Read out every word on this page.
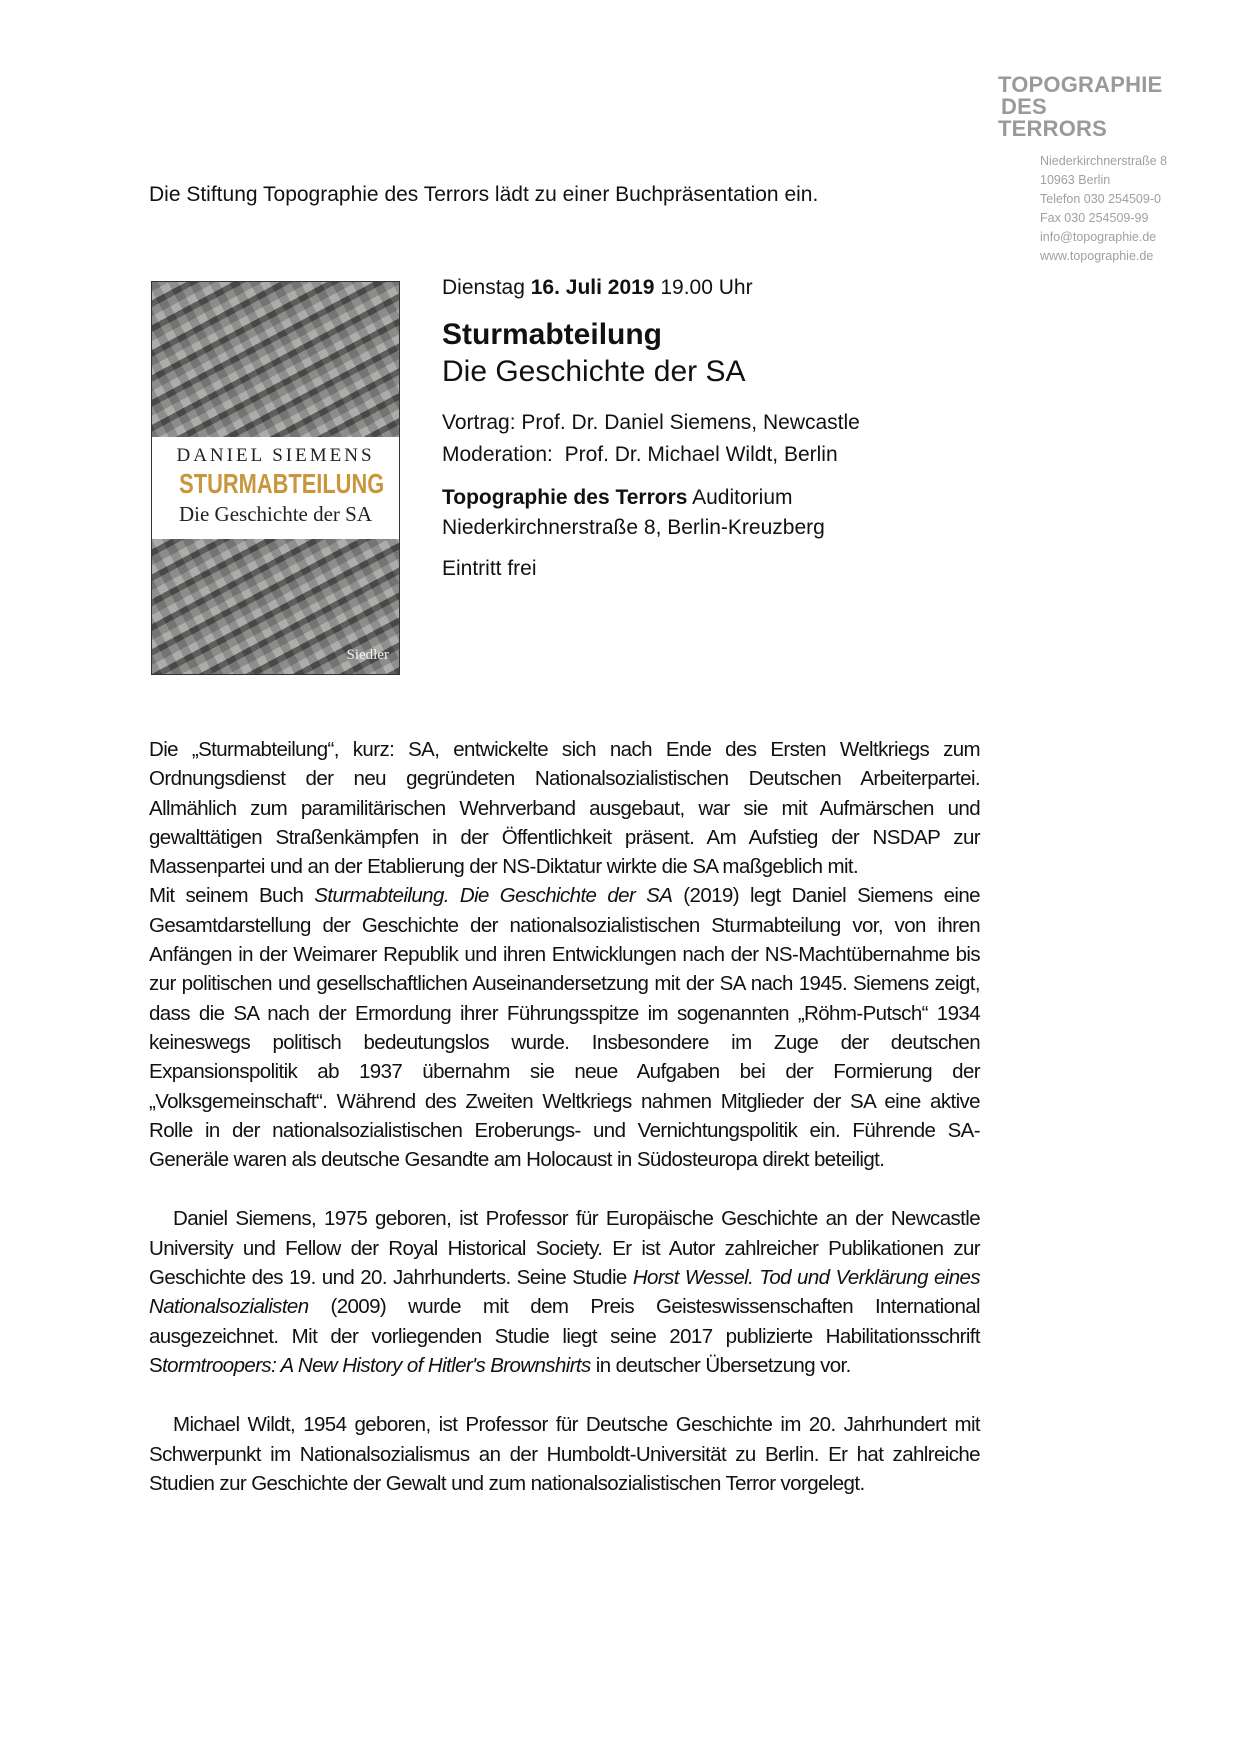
TOPOGRAPHIE
DES
TERRORS
Niederkirchnerstraße 8
10963 Berlin
Telefon 030 254509-0
Fax 030 254509-99
info@topographie.de
www.topographie.de
Die Stiftung Topographie des Terrors lädt zu einer Buchpräsentation ein.
DANIEL SIEMENS
STURMABTEILUNG
Die Geschichte der SA
Siedler
Dienstag 16. Juli 2019 19.00 Uhr
Sturmabteilung
Die Geschichte der SA
Vortrag: Prof. Dr. Daniel Siemens, Newcastle
Moderation:  Prof. Dr. Michael Wildt, Berlin
Topographie des Terrors Auditorium
Niederkirchnerstraße 8, Berlin-Kreuzberg
Eintritt frei

Die „Sturmabteilung“, kurz: SA, entwickelte sich nach Ende des Ersten Weltkriegs zum Ordnungsdienst der neu gegründeten Nationalsozialistischen Deutschen Arbeiterpartei. Allmählich zum paramilitärischen Wehrverband ausgebaut, war sie mit Aufmärschen und gewalttätigen Straßenkämpfen in der Öffentlichkeit präsent. Am Aufstieg der NSDAP zur Massenpartei und an der Etablierung der NS-Diktatur wirkte die SA maßgeblich mit.

Mit seinem Buch Sturmabteilung. Die Geschichte der SA (2019) legt Daniel Siemens eine Gesamtdarstellung der Geschichte der nationalsozialistischen Sturmabteilung vor, von ihren Anfängen in der Weimarer Republik und ihren Entwicklungen nach der NS-Machtübernahme bis zur politischen und gesellschaftlichen Auseinandersetzung mit der SA nach 1945. Siemens zeigt, dass die SA nach der Ermordung ihrer Führungsspitze im sogenannten „Röhm-Putsch“ 1934 keineswegs politisch bedeutungslos wurde. Insbesondere im Zuge der deutschen Expansionspolitik ab 1937 übernahm sie neue Aufgaben bei der Formierung der „Volksgemeinschaft“. Während des Zweiten Weltkriegs nahmen Mitglieder der SA eine aktive Rolle in der nationalsozialistischen Eroberungs- und Vernichtungspolitik ein. Führende SA-Generäle waren als deutsche Gesandte am Holocaust in Südosteuropa direkt beteiligt.

Daniel Siemens, 1975 geboren, ist Professor für Europäische Geschichte an der Newcastle University und Fellow der Royal Historical Society. Er ist Autor zahlreicher Publikationen zur Geschichte des 19. und 20. Jahrhunderts. Seine Studie Horst Wessel. Tod und Verklärung eines Nationalsozialisten (2009) wurde mit dem Preis Geisteswissenschaften International ausgezeichnet. Mit der vorliegenden Studie liegt seine 2017 publizierte Habilitationsschrift Stormtroopers: A New History of Hitler's Brownshirts in deutscher Übersetzung vor.

Michael Wildt, 1954 geboren, ist Professor für Deutsche Geschichte im 20. Jahrhundert mit Schwerpunkt im Nationalsozialismus an der Humboldt-Universität zu Berlin. Er hat zahlreiche Studien zur Geschichte der Gewalt und zum nationalsozialistischen Terror vorgelegt.
